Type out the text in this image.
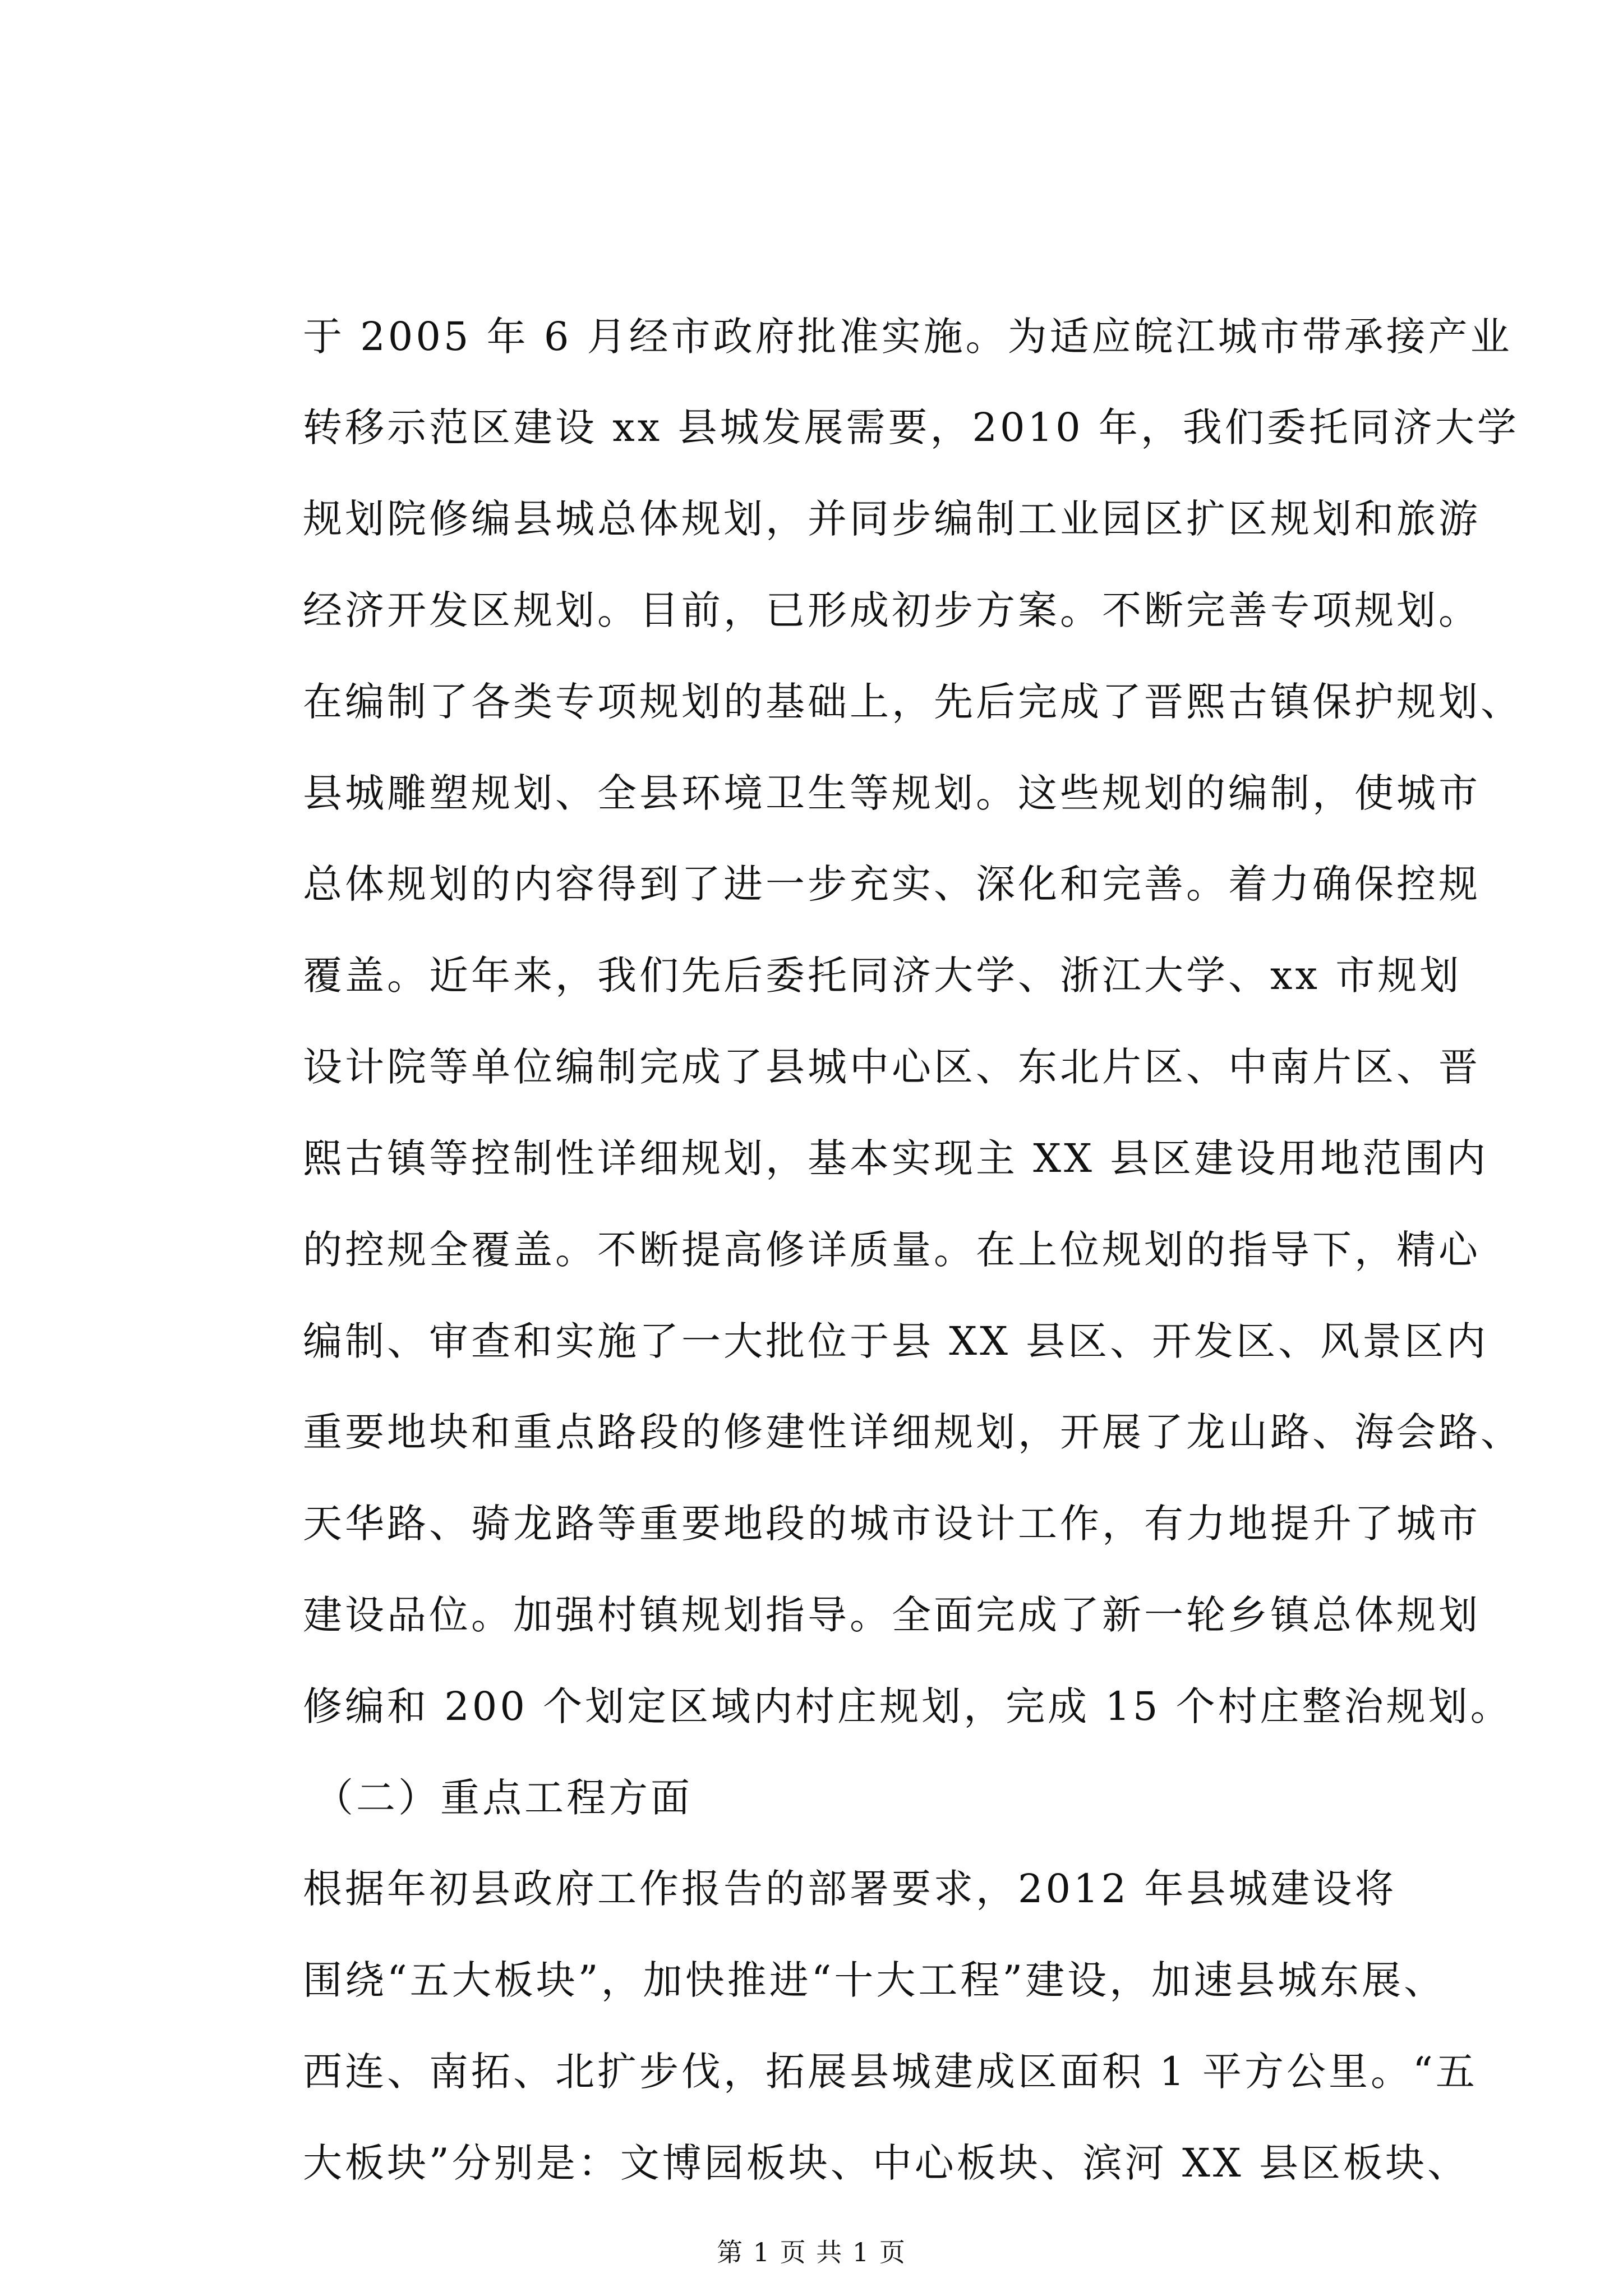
于 2005 年 6 月经市政府批准实施。为适应皖江城市带承接产业
转移示范区建设 xx 县城发展需要，2010 年，我们委托同济大学
规划院修编县城总体规划，并同步编制工业园区扩区规划和旅游
经济开发区规划。目前，已形成初步方案。不断完善专项规划。
在编制了各类专项规划的基础上，先后完成了晋熙古镇保护规划、
县城雕塑规划、全县环境卫生等规划。这些规划的编制，使城市
总体规划的内容得到了进一步充实、深化和完善。着力确保控规
覆盖。近年来，我们先后委托同济大学、浙江大学、xx 市规划
设计院等单位编制完成了县城中心区、东北片区、中南片区、晋
熙古镇等控制性详细规划，基本实现主 XX 县区建设用地范围内
的控规全覆盖。不断提高修详质量。在上位规划的指导下，精心
编制、审查和实施了一大批位于县 XX 县区、开发区、风景区内
重要地块和重点路段的修建性详细规划，开展了龙山路、海会路、
天华路、骑龙路等重要地段的城市设计工作，有力地提升了城市
建设品位。加强村镇规划指导。全面完成了新一轮乡镇总体规划
修编和 200 个划定区域内村庄规划，完成 15 个村庄整治规划。
（二）重点工程方面
根据年初县政府工作报告的部署要求，2012 年县城建设将
围绕“五大板块”，加快推进“十大工程”建设，加速县城东展、
西连、南拓、北扩步伐，拓展县城建成区面积 1 平方公里。“五
大板块”分别是：文博园板块、中心板块、滨河 XX 县区板块、
第 1 页 共 1 页
